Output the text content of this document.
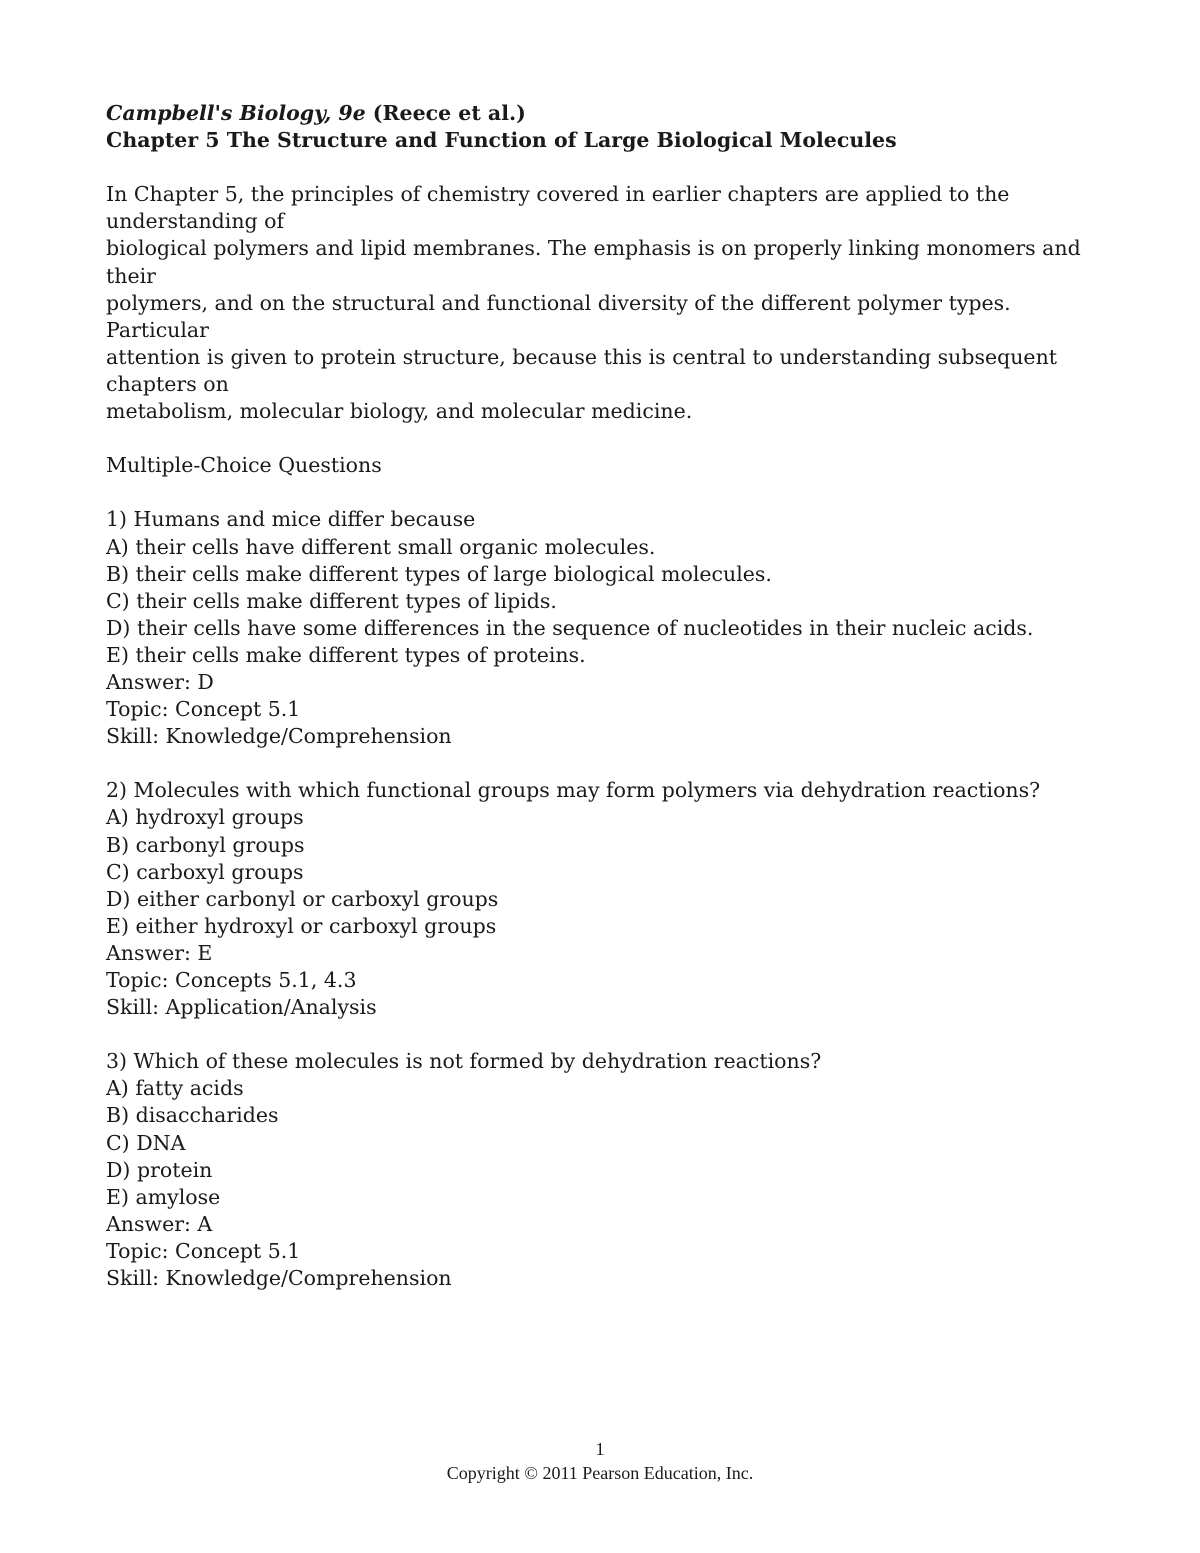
Campbell's Biology, 9e (Reece et al.)
Chapter 5 The Structure and Function of Large Biological Molecules
In Chapter 5, the principles of chemistry covered in earlier chapters are applied to the understanding of
biological polymers and lipid membranes. The emphasis is on properly linking monomers and their
polymers, and on the structural and functional diversity of the different polymer types. Particular
attention is given to protein structure, because this is central to understanding subsequent chapters on
metabolism, molecular biology, and molecular medicine.
Multiple-Choice Questions
1) Humans and mice differ because
A) their cells have different small organic molecules.
B) their cells make different types of large biological molecules.
C) their cells make different types of lipids.
D) their cells have some differences in the sequence of nucleotides in their nucleic acids.
E) their cells make different types of proteins.
Answer: D
Topic: Concept 5.1
Skill: Knowledge/Comprehension
2) Molecules with which functional groups may form polymers via dehydration reactions?
A) hydroxyl groups
B) carbonyl groups
C) carboxyl groups
D) either carbonyl or carboxyl groups
E) either hydroxyl or carboxyl groups
Answer: E
Topic: Concepts 5.1, 4.3
Skill: Application/Analysis
3) Which of these molecules is not formed by dehydration reactions?
A) fatty acids
B) disaccharides
C) DNA
D) protein
E) amylose
Answer: A
Topic: Concept 5.1
Skill: Knowledge/Comprehension
1
Copyright © 2011 Pearson Education, Inc.
